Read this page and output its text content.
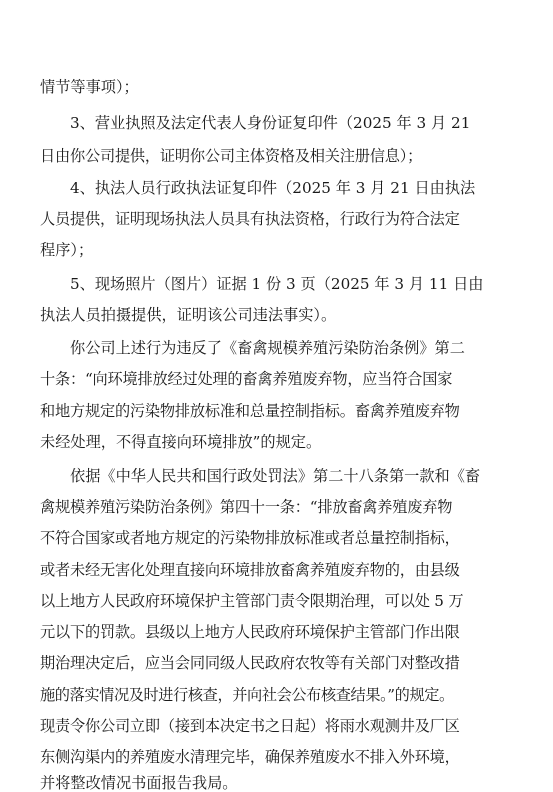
情节等事项）；
3、营业执照及法定代表人身份证复印件（2025 年 3 月 21
日由你公司提供，证明你公司主体资格及相关注册信息）；
4、执法人员行政执法证复印件（2025 年 3 月 21 日由执法
人员提供，证明现场执法人员具有执法资格，行政行为符合法定
程序）；
5、现场照片（图片）证据 1 份 3 页（2025 年 3 月 11 日由
执法人员拍摄提供，证明该公司违法事实）。
你公司上述行为违反了《畜禽规模养殖污染防治条例》第二
十条：“向环境排放经过处理的畜禽养殖废弃物，应当符合国家
和地方规定的污染物排放标准和总量控制指标。畜禽养殖废弃物
未经处理，不得直接向环境排放”的规定。
依据《中华人民共和国行政处罚法》第二十八条第一款和《畜
禽规模养殖污染防治条例》第四十一条：“排放畜禽养殖废弃物
不符合国家或者地方规定的污染物排放标准或者总量控制指标，
或者未经无害化处理直接向环境排放畜禽养殖废弃物的，由县级
以上地方人民政府环境保护主管部门责令限期治理，可以处 5 万
元以下的罚款。县级以上地方人民政府环境保护主管部门作出限
期治理决定后，应当会同同级人民政府农牧等有关部门对整改措
施的落实情况及时进行核查，并向社会公布核查结果。”的规定。
现责令你公司立即（接到本决定书之日起）将雨水观测井及厂区
东侧沟渠内的养殖废水清理完毕，确保养殖废水不排入外环境，
并将整改情况书面报告我局。
